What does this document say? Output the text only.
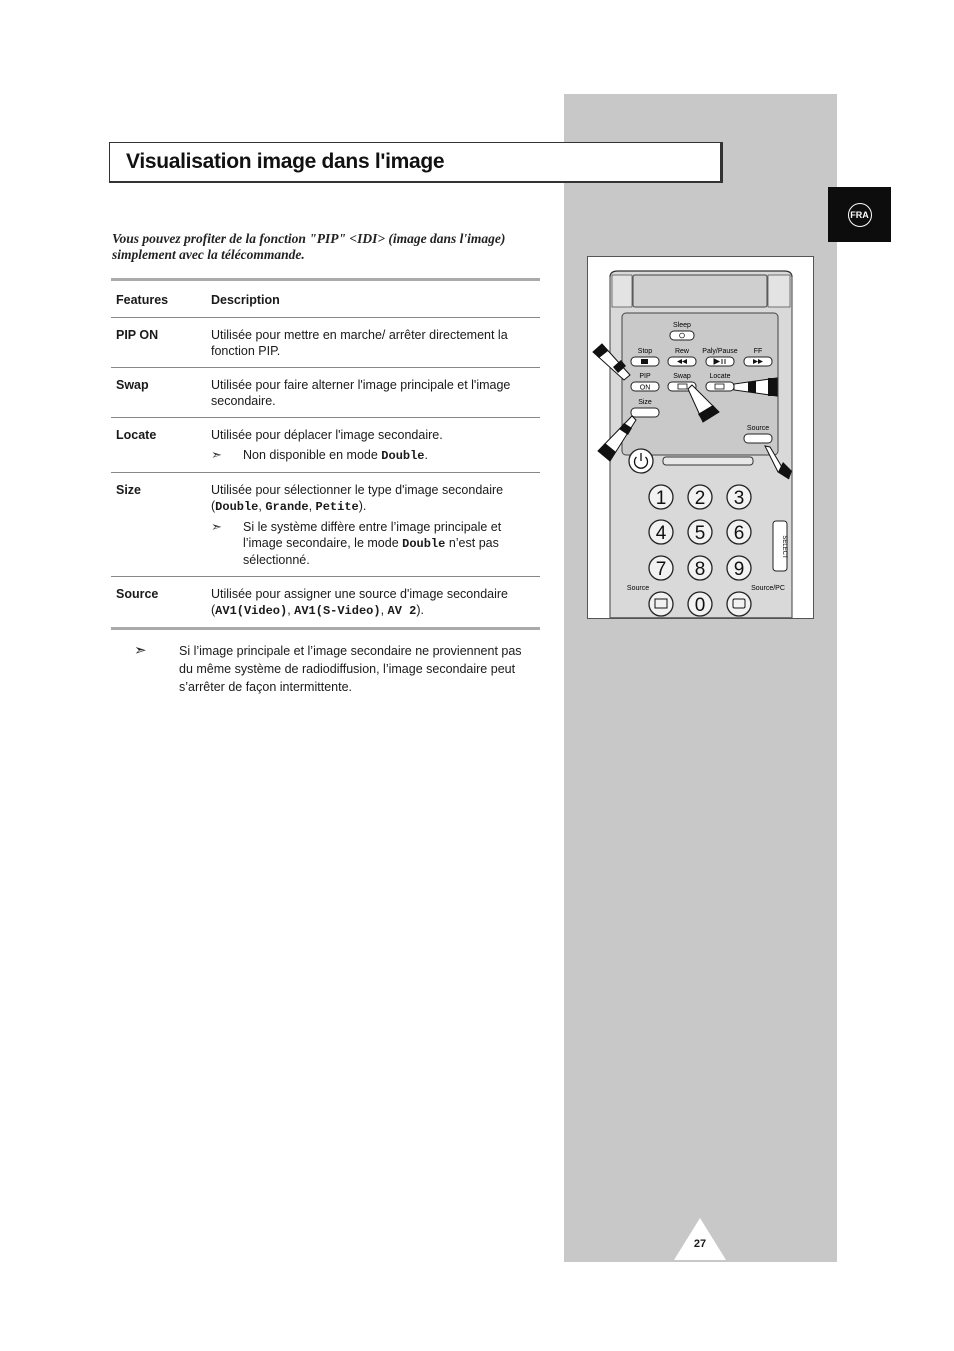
FRA
Visualisation image dans l'image
Vous pouvez profiter de la fonction "PIP" <IDI> (image dans l'image) simplement avec la télécommande.
Features	Description
PIP ON	Utilisée pour mettre en marche/ arrêter directement la fonction PIP.
Swap	Utilisée pour faire alterner l'image principale et l'image secondaire.
Locate	Utilisée pour déplacer l'image secondaire.
➣ Non disponible en mode Double.

Size	Utilisée pour sélectionner le type d'image secondaire (Double, Grande, Petite).
➣ Si le système diffère entre l’image principale et l’image secondaire, le mode Double n’est pas sélectionné.

Source	Utilisée pour assigner une source d'image secondaire (AV1(Video), AV1(S-Video), AV 2).
➣	Si l’image principale et l’image secondaire ne proviennent pas du même système de radiodiffusion, l’image secondaire peut s’arrêter de façon intermittente.
Sleep
Stop	Rew Paly/Pause FF
PIP	Swap	Locate
ON
Size
Source
1 2 3
4 5 6
7 8 9
0
Source	Source/PC
SELECT
27
